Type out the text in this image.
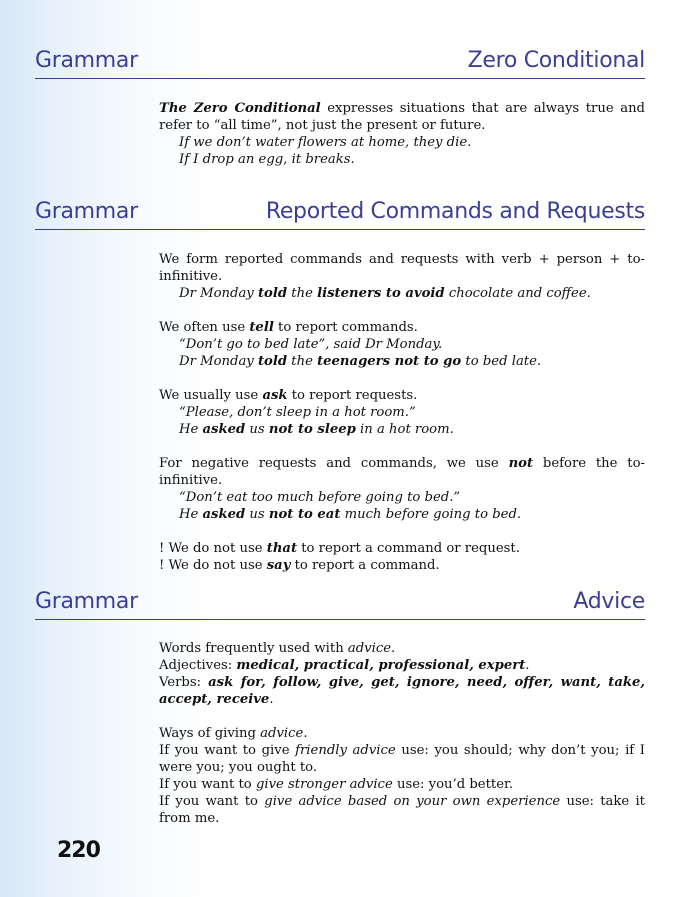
Grammar	Zero Conditional

The Zero Conditional expresses situations that are always true and refer to “all time”, not just the present or future.

If we don’t water flowers at home, they die.

If I drop an egg, it breaks.

Grammar	Reported Commands and Requests

We form reported commands and requests with verb + person + to-infinitive.

Dr Monday told the listeners to avoid chocolate and coffee.

We often use tell to report commands.

“Don’t go to bed late”, said Dr Monday.

Dr Monday told the teenagers not to go to bed late.

We usually use ask to report requests.

“Please, don’t sleep in a hot room.”

He asked us not to sleep in a hot room.

For negative requests and commands, we use not before the to-infinitive.

“Don’t eat too much before going to bed.”

He asked us not to eat much before going to bed.

! We do not use that to report a command or request.

! We do not use say to report a command.

Grammar	Advice

Words frequently used with advice.

Adjectives: medical, practical, professional, expert.

Verbs: ask for, follow, give, get, ignore, need, offer, want, take, accept, receive.

Ways of giving advice.

If you want to give friendly advice use: you should; why don’t you; if I were you; you ought to.

If you want to give stronger advice use: you’d better.

If you want to give advice based on your own experience use: take it from me.

220
